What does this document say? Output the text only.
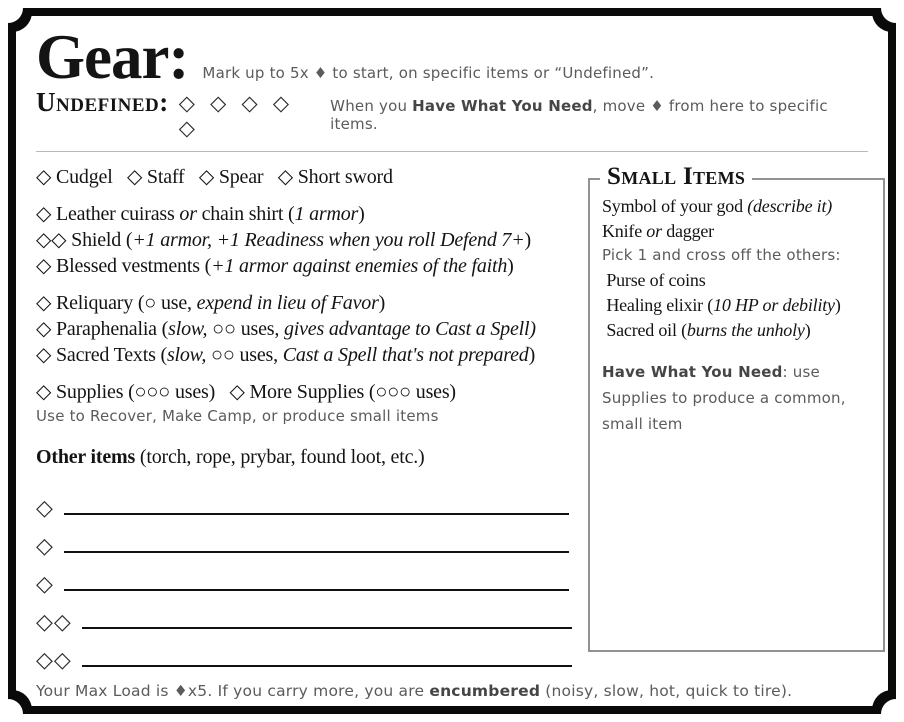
Gear: Mark up to 5x ♦ to start, on specific items or “Undefined”.
Undefined: ◇ ◇ ◇ ◇ ◇
When you Have What You Need, move ♦ from here to specific items.
◇ Cudgel   ◇ Staff   ◇ Spear   ◇ Short sword
◇ Leather cuirass or chain shirt (1 armor)
◇◇ Shield (+1 armor, +1 Readiness when you roll Defend 7+)
◇ Blessed vestments (+1 armor against enemies of the faith)
◇ Reliquary (○ use, expend in lieu of Favor)
◇ Paraphenalia (slow, ○○ uses, gives advantage to Cast a Spell)
◇ Sacred Texts (slow, ○○ uses, Cast a Spell that's not prepared)
◇ Supplies (○○○ uses)   ◇ More Supplies (○○○ uses)
Use to Recover, Make Camp, or produce small items
Other items (torch, rope, prybar, found loot, etc.)
◇
◇
◇
◇◇
◇◇
Small Items
Symbol of your god (describe it)
Knife or dagger
Pick 1 and cross off the others:
Purse of coins
Healing elixir (10 HP or debility)
Sacred oil (burns the unholy)

Have What You Need: use Supplies to produce a common, small item

Your Max Load is ♦x5. If you carry more, you are encumbered (noisy, slow, hot, quick to tire).
